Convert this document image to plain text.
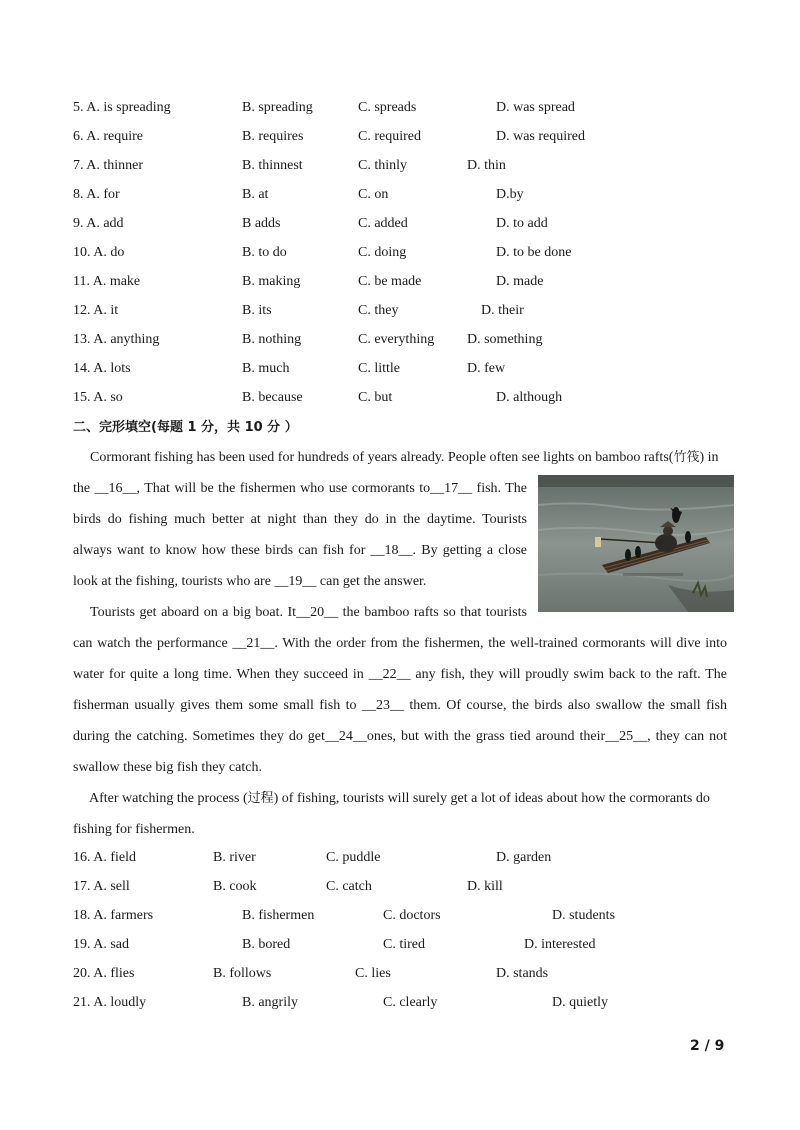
5. A. is spreading	B. spreading	C. spreads	D. was spread
6. A. require	B. requires	C. required	D. was required
7. A. thinner	B. thinnest	C. thinly	D. thin
8. A. for	B. at	C. on	D.by
9. A. add	B adds	C. added	D. to add
10. A. do	B. to do	C. doing	D. to be done
11. A. make	B. making	C. be made	D. made
12. A. it	B. its	C. they	D. their
13. A. anything	B. nothing	C. everything D. something
14. A. lots	B. much	C. little	D. few
15. A. so	B. because	C. but	D. although
二、完形填空(每题 1 分，共 10 分 ）
Cormorant fishing has been used for hundreds of years already. People often see lights on bamboo rafts(竹筏) in
the __16__, That will be the fishermen who use cormorants to__17__ fish. The
birds do fishing much better at night than they do in the daytime. Tourists
always want to know how these birds can fish for __18__. By getting a close
look at the fishing, tourists who are __19__ can get the answer.
Tourists get aboard on a big boat. It__20__ the bamboo rafts so that tourists
can watch the performance __21__. With the order from the fishermen, the well-trained cormorants will dive into
water for quite a long time. When they succeed in __22__ any fish, they will proudly swim back to the raft. The
fisherman usually gives them some small fish to __23__ them. Of course, the birds also swallow the small fish
during the catching. Sometimes they do get__24__ones, but with the grass tied around their__25__, they can not
swallow these big fish they catch.
After watching the process (过程) of fishing, tourists will surely get a lot of ideas about how the cormorants do
fishing for fishermen.
16. A. field	B. river	C. puddle	D. garden
17. A. sell	B. cook	C. catch	D. kill
18. A. farmers	B. fishermen	C. doctors	D. students
19. A. sad	B. bored	C. tired	D. interested
20. A. flies	B. follows	C. lies	D. stands
21. A. loudly	B. angrily	C. clearly	D. quietly
2 / 9
